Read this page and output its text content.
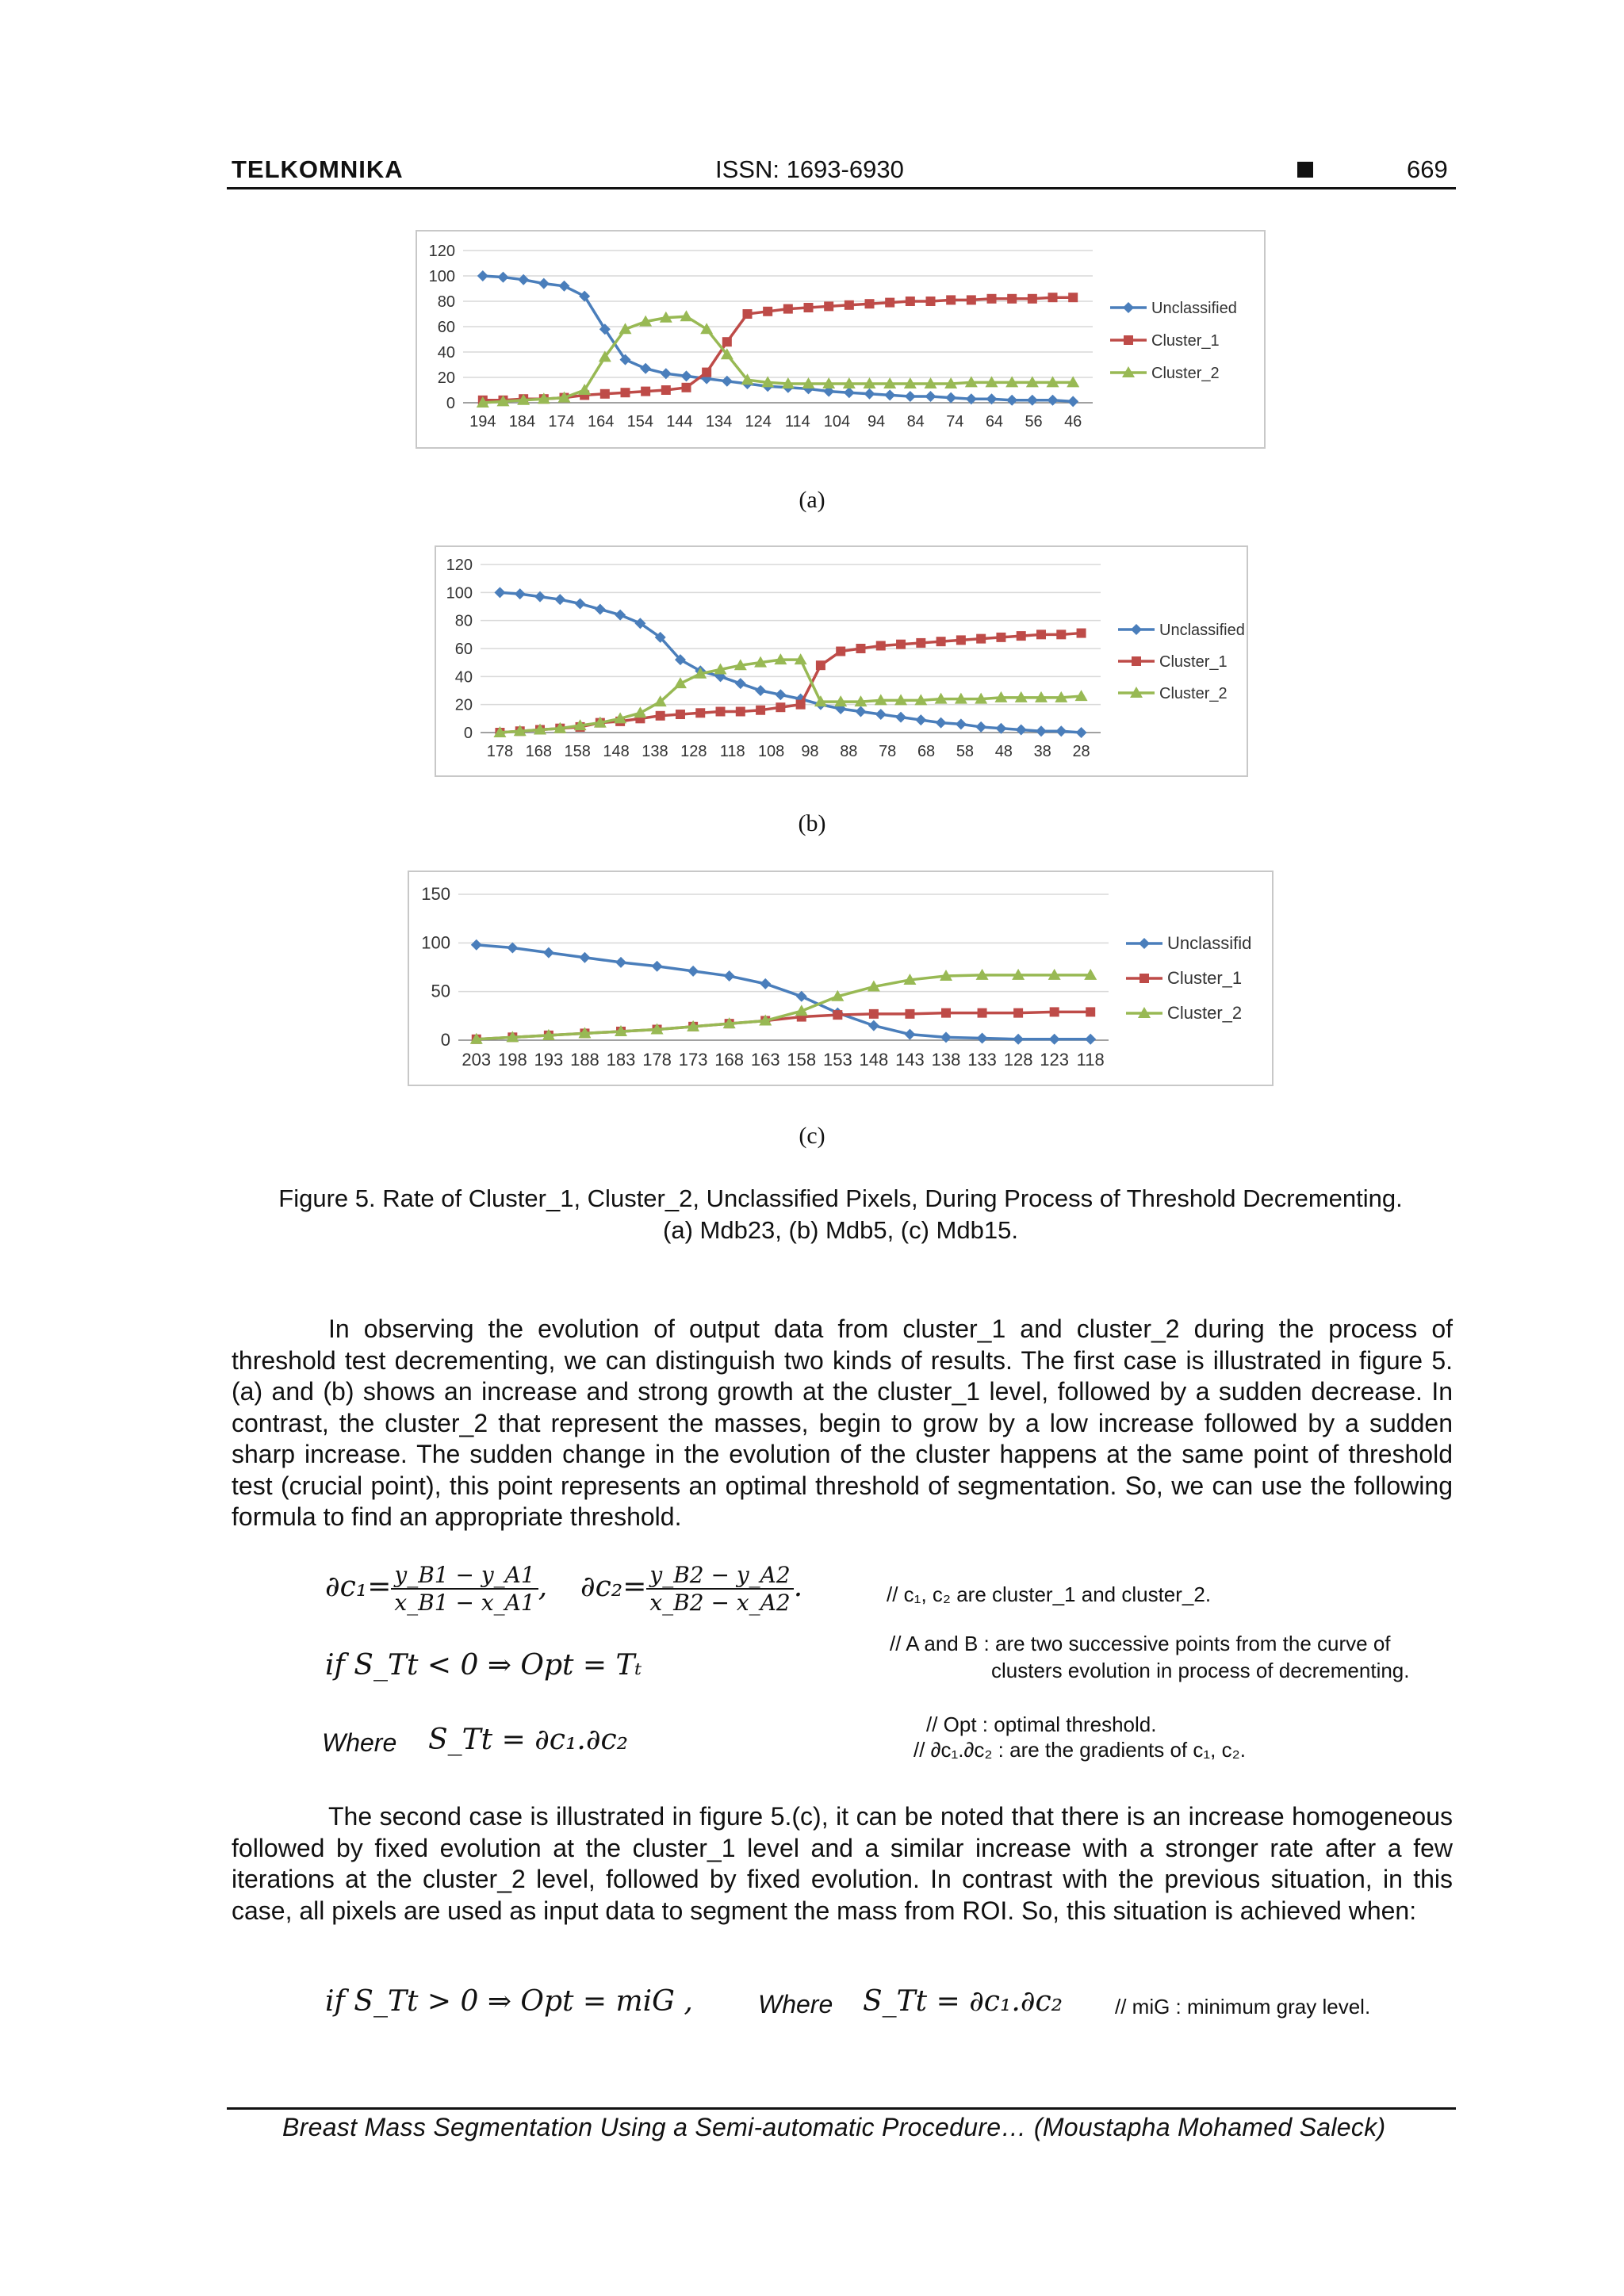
TELKOMNIKA	ISSN: 1693-6930	669
0
20
40
60
80
100
120
194 184 174 164 154 144 134 124 114 104 94 84 74 64 56 46
Unclassified
Cluster_1
Cluster_2
(a)
0
20
40
60
80
100
120
178 168 158 148 138 128 118 108 98 88 78 68 58 48 38 28
Unclassified
Cluster_1
Cluster_2
(b)
0
50
100
150
203 198 193 188 183 178 173 168 163 158 153 148 143 138 133 128 123 118
Unclassifid
Cluster_1
Cluster_2
(c)
Figure 5. Rate of Cluster_1, Cluster_2, Unclassified Pixels, During Process of Threshold Decrementing.
(a) Mdb23, (b) Mdb5, (c) Mdb15.
In observing the evolution of output data from cluster_1 and cluster_2 during the process of threshold test decrementing, we can distinguish two kinds of results. The first case is illustrated in figure 5. (a) and (b) shows an increase and strong growth at the cluster_1 level, followed by a sudden decrease. In contrast, the cluster_2 that represent the masses, begin to grow by a low increase followed by a sudden sharp increase. The sudden change in the evolution of the cluster happens at the same point of threshold test (crucial point), this point represents an optimal threshold of segmentation. So, we can use the following formula to find an appropriate threshold.
$\partial c_1= \frac{y\_B1 - y\_A1}{x\_B1 - x\_A1}$ , $\partial c_2= \frac{y\_B2 - y\_A2}{x\_B2 - x\_A2}$ .
if S_Tt < 0 ⇒ Opt = Tₜ
Where S_Tt = ∂c₁.∂c₂
// c₁, c₂ are cluster_1 and cluster_2.
// A and B : are two successive points from the curve of
clusters evolution in process of decrementing.
// Opt : optimal threshold.
// ∂c₁.∂c₂ : are the gradients of c₁, c₂.
The second case is illustrated in figure 5.(c), it can be noted that there is an increase homogeneous followed by fixed evolution at the cluster_1 level and a similar increase with a stronger rate after a few iterations at the cluster_2 level, followed by fixed evolution. In contrast with the previous situation, in this case, all pixels are used as input data to segment the mass from ROI. So, this situation is achieved when:
if S_Tt > 0 ⇒ Opt = miG ,	Where S_Tt = ∂c₁.∂c₂	// miG : minimum gray level.
Breast Mass Segmentation Using a Semi-automatic Procedure… (Moustapha Mohamed Saleck)
